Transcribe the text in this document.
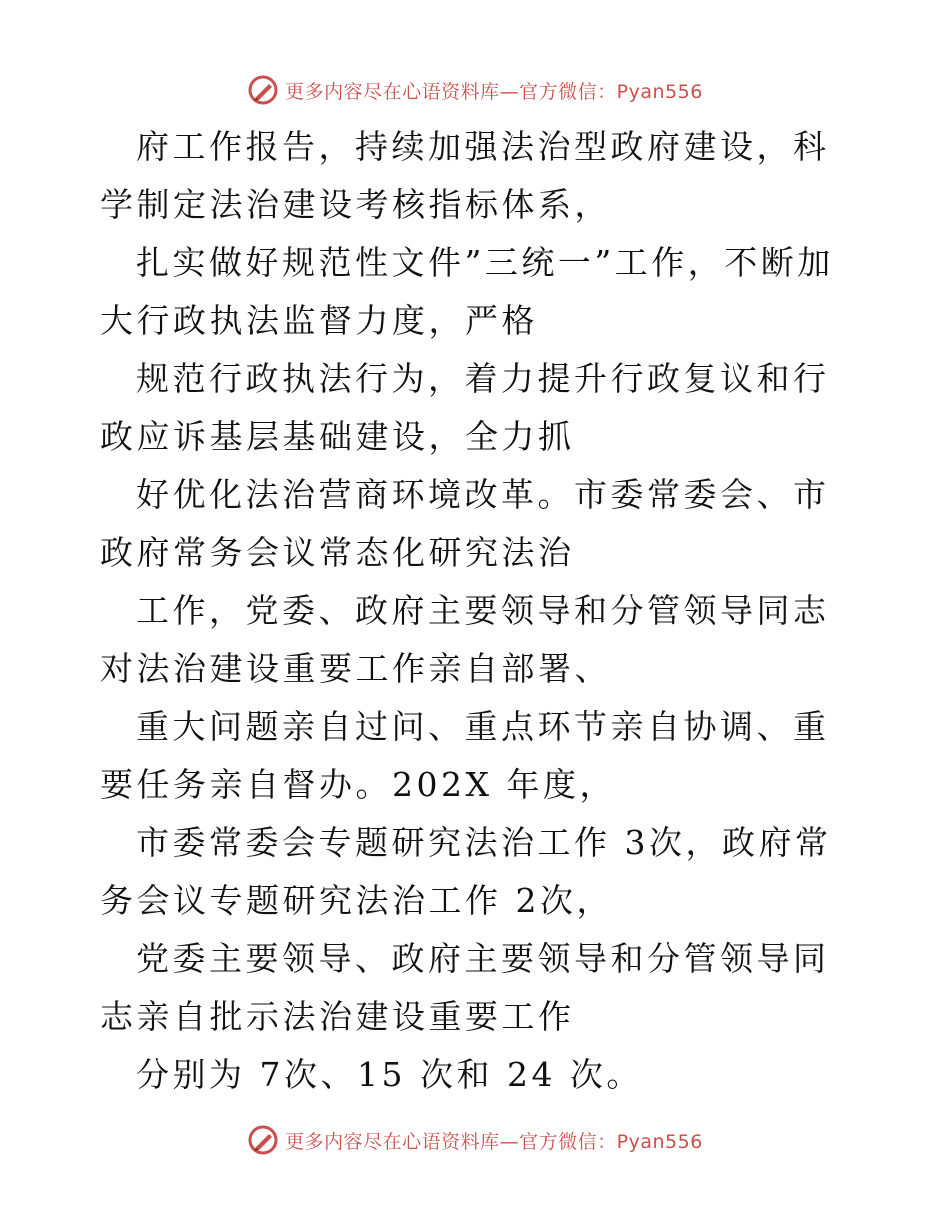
更多内容尽在心语资料库—官方微信：Pyan556

府工作报告，持续加强法治型政府建设，科学制定法治建设考核指标体系，

扎实做好规范性文件”三统一”工作，不断加大行政执法监督力度，严格

规范行政执法行为，着力提升行政复议和行政应诉基层基础建设，全力抓

好优化法治营商环境改革。市委常委会、市政府常务会议常态化研究法治

工作，党委、政府主要领导和分管领导同志对法治建设重要工作亲自部署、

重大问题亲自过问、重点环节亲自协调、重要任务亲自督办。202X 年度，

市委常委会专题研究法治工作 3次，政府常务会议专题研究法治工作 2次，

党委主要领导、政府主要领导和分管领导同志亲自批示法治建设重要工作

分别为 7次、15 次和 24 次。

更多内容尽在心语资料库—官方微信：Pyan556
